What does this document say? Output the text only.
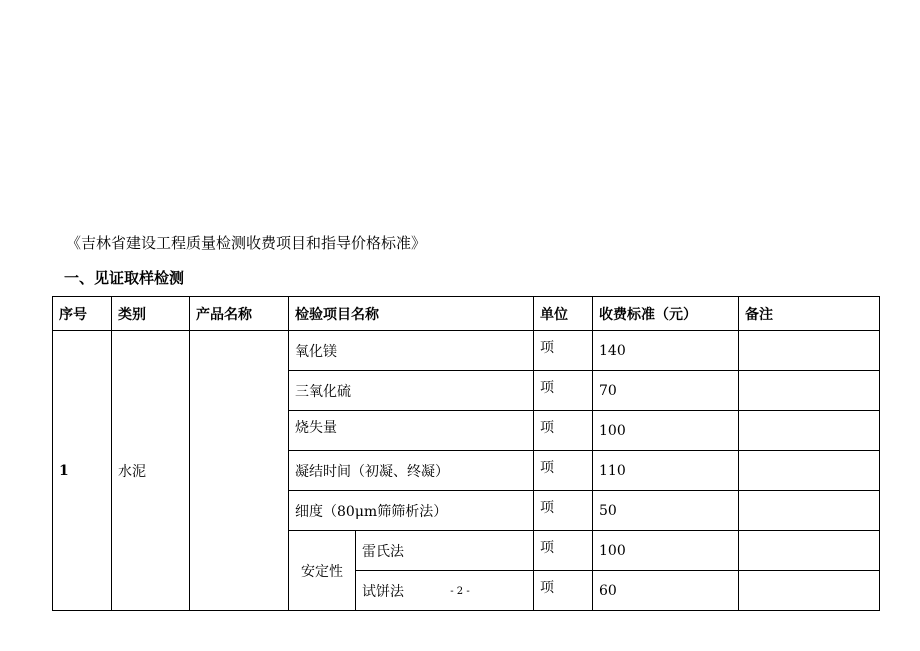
《吉林省建设工程质量检测收费项目和指导价格标准》
一、见证取样检测
序号	类别	产品名称	检验项目名称		单位	收费标准（元）	备注
1	水泥		氧化镁		项	140	
			三氧化硫		项	70	
			烧失量		项	100	
			凝结时间（初凝、终凝）		项	110	
			细度（80μm筛筛析法）		项	50	
			安定性	雷氏法	项	100	
				试饼法	项	60	
- 2 -
